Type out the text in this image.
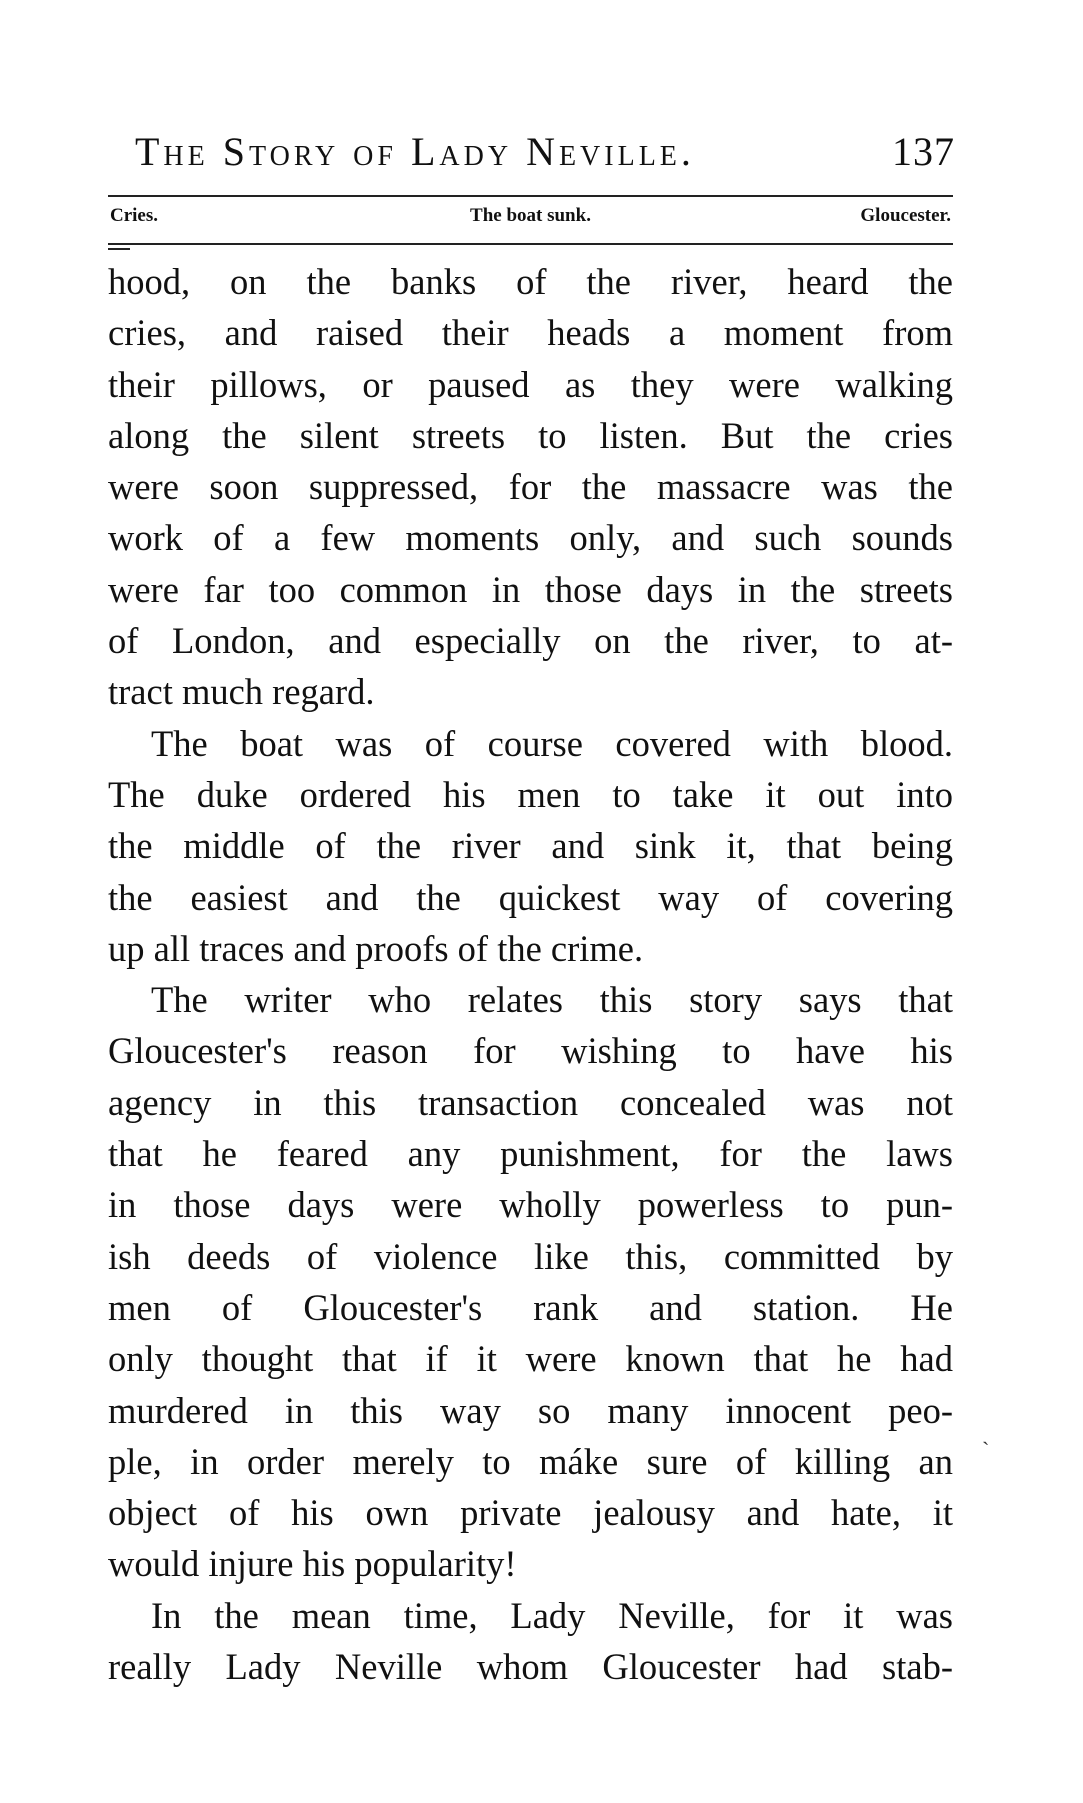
The Story of Lady Neville.	137
Cries.	The boat sunk.	Gloucester.
hood, on the banks of the river, heard the
cries, and raised their heads a moment from
their pillows, or paused as they were walking
along the silent streets to listen. But the cries
were soon suppressed, for the massacre was the
work of a few moments only, and such sounds
were far too common in those days in the streets
of London, and especially on the river, to at-
tract much regard.
The boat was of course covered with blood.
The duke ordered his men to take it out into
the middle of the river and sink it, that being
the easiest and the quickest way of covering
up all traces and proofs of the crime.
The writer who relates this story says that
Gloucester's reason for wishing to have his
agency in this transaction concealed was not
that he feared any punishment, for the laws
in those days were wholly powerless to pun-
ish deeds of violence like this, committed by
men of Gloucester's rank and station. He
only thought that if it were known that he had
murdered in this way so many innocent peo-
ple, in order merely to máke sure of killing an
object of his own private jealousy and hate, it
would injure his popularity!
In the mean time, Lady Neville, for it was
really Lady Neville whom Gloucester had stab-
ˏ
